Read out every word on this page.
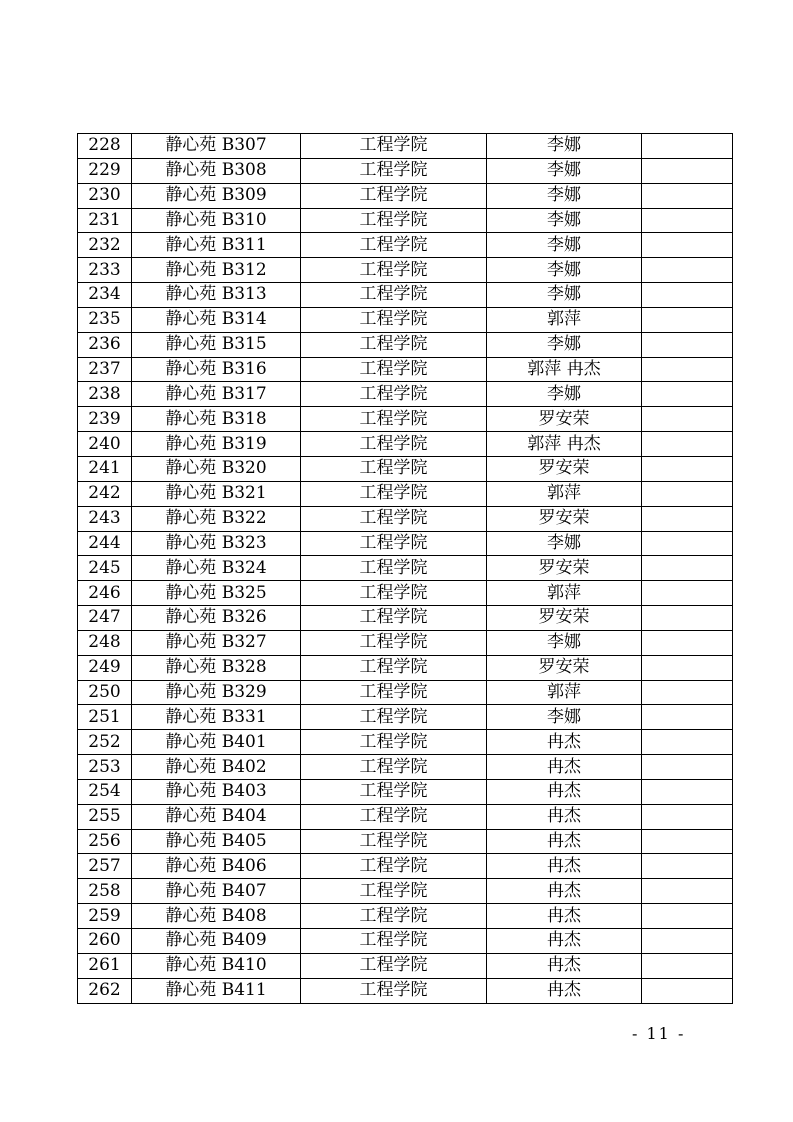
228	静心苑 B307	工程学院	李娜	
229	静心苑 B308	工程学院	李娜	
230	静心苑 B309	工程学院	李娜	
231	静心苑 B310	工程学院	李娜	
232	静心苑 B311	工程学院	李娜	
233	静心苑 B312	工程学院	李娜	
234	静心苑 B313	工程学院	李娜	
235	静心苑 B314	工程学院	郭萍	
236	静心苑 B315	工程学院	李娜	
237	静心苑 B316	工程学院	郭萍 冉杰	
238	静心苑 B317	工程学院	李娜	
239	静心苑 B318	工程学院	罗安荣	
240	静心苑 B319	工程学院	郭萍 冉杰	
241	静心苑 B320	工程学院	罗安荣	
242	静心苑 B321	工程学院	郭萍	
243	静心苑 B322	工程学院	罗安荣	
244	静心苑 B323	工程学院	李娜	
245	静心苑 B324	工程学院	罗安荣	
246	静心苑 B325	工程学院	郭萍	
247	静心苑 B326	工程学院	罗安荣	
248	静心苑 B327	工程学院	李娜	
249	静心苑 B328	工程学院	罗安荣	
250	静心苑 B329	工程学院	郭萍	
251	静心苑 B331	工程学院	李娜	
252	静心苑 B401	工程学院	冉杰	
253	静心苑 B402	工程学院	冉杰	
254	静心苑 B403	工程学院	冉杰	
255	静心苑 B404	工程学院	冉杰	
256	静心苑 B405	工程学院	冉杰	
257	静心苑 B406	工程学院	冉杰	
258	静心苑 B407	工程学院	冉杰	
259	静心苑 B408	工程学院	冉杰	
260	静心苑 B409	工程学院	冉杰	
261	静心苑 B410	工程学院	冉杰	
262	静心苑 B411	工程学院	冉杰	
- 11 -
